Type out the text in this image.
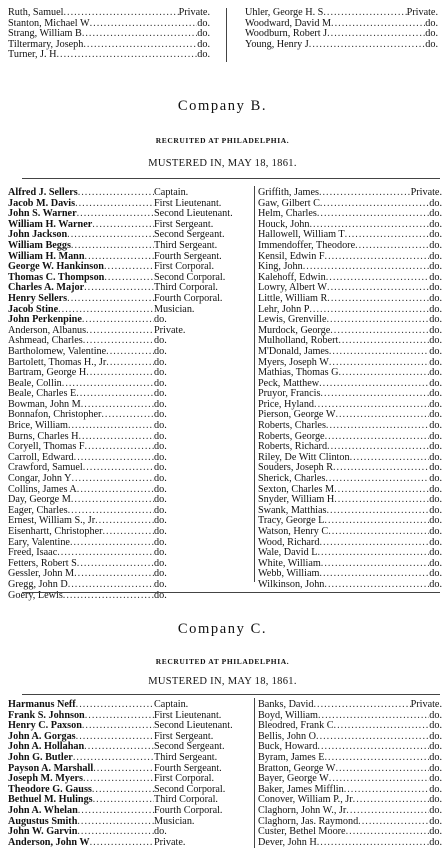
Ruth, Samuel .....	Private.
Stanton, Michael W .....	do.
Strang, William B .....	do.
Tiltermary, Joseph .....	do.
Turner, J. H .....	do.
Uhler, George H. S .....	Private.
Woodward, David M .....	do.
Woodburn, Robert J .....	do.
Young, Henry J .....	do.
Company B.
RECRUITED AT PHILADELPHIA.
MUSTERED IN, MAY 18, 1861.
Alfred J. Sellers .....	Captain.
Jacob M. Davis .....	First Lieutenant.
John S. Warner .....	Second Lieutenant.
William H. Warner .....	First Sergeant.
John Jackson .....	Second Sergeant.
William Beggs .....	Third Sergeant.
William H. Mann .....	Fourth Sergeant.
George W. Hankinson .....	First Corporal.
Thomas C. Thompson .....	Second Corporal.
Charles A. Major .....	Third Corporal.
Henry Sellers .....	Fourth Corporal.
Jacob Stine .....	Musician.
John Perkenpine .....	do.
Anderson, Albanus .....	Private.
Ashmead, Charles .....	do.
Bartholomew, Valentine .....	do.
Bartolett, Thomas H., Jr .....	do.
Bartram, George H .....	do.
Beale, Collin .....	do.
Beale, Charles E .....	do.
Bowman, John M .....	do.
Bonnafon, Christopher .....	do.
Brice, William .....	do.
Burns, Charles H .....	do.
Coryell, Thomas F .....	do.
Carroll, Edward .....	do.
Crawford, Samuel .....	do.
Congar, John Y .....	do.
Collins, James A .....	do.
Day, George M .....	do.
Eager, Charles .....	do.
Ernest, William S., Jr .....	do.
Eisenhartt, Christopher .....	do.
Eary, Valentine .....	do.
Freed, Isaac .....	do.
Fetters, Robert S .....	do.
Gessler, John M .....	do.
Gregg, John D .....	do.
Goery, Lewis .....	do.
Griffith, James .....	Private.
Gaw, Gilbert C .....	do.
Helm, Charles .....	do.
Houck, John .....	do.
Hallowell, William T .....	do.
Immendoffer, Theodore .....	do.
Kensil, Edwin F .....	do.
King, John .....	do.
Kalehoff, Edwin .....	do.
Lowry, Albert W .....	do.
Little, William R .....	do.
Lehr, John P .....	do.
Lewis, Grenville .....	do.
Murdock, George .....	do.
Mulholland, Robert .....	do.
M'Donald, James .....	do.
Myers, Joseph W .....	do.
Mathias, Thomas G .....	do.
Peck, Matthew .....	do.
Pruyor, Francis .....	do.
Price, Hyland .....	do.
Pierson, George W .....	do.
Roberts, Charles .....	do.
Roberts, George .....	do.
Roberts, Richard .....	do.
Riley, De Witt Clinton .....	do.
Souders, Joseph R .....	do.
Sherick, Charles .....	do.
Sexton, Charles M .....	do.
Snyder, William H .....	do.
Swank, Matthias .....	do.
Tracy, George L .....	do.
Watson, Henry C .....	do.
Wood, Richard .....	do.
Wale, David L .....	do.
White, William .....	do.
Webb, William .....	do.
Wilkinson, John .....	do.
Company C.
RECRUITED AT PHILADELPHIA.
MUSTERED IN, MAY 18, 1861.
Harmanus Neff .....	Captain.
Frank S. Johnson .....	First Lieutenant.
Henry C. Paxson .....	Second Lieutenant.
John A. Gorgas .....	First Sergeant.
John A. Hollahan .....	Second Sergeant.
John G. Butler .....	Third Sergeant.
Payson A. Marshall .....	Fourth Sergeant.
Joseph M. Myers .....	First Corporal.
Theodore G. Gauss .....	Second Corporal.
Bethuel M. Hulings .....	Third Corporal.
John A. Whelan .....	Fourth Corporal.
Augustus Smith .....	Musician.
John W. Garvin .....	do.
Anderson, John W .....	Private.
Banks, David .....	Private.
Boyd, William .....	do.
Bleodred, Frank C .....	do.
Bellis, John O .....	do.
Buck, Howard .....	do.
Byram, James E .....	do.
Bratton, George W .....	do.
Bayer, George W .....	do.
Baker, James Mifflin .....	do.
Conover, William P., Jr .....	do.
Claghorn, John W., Jr .....	do.
Claghorn, Jas. Raymond .....	do.
Custer, Bethel Moore .....	do.
Dever, John H .....	do.
